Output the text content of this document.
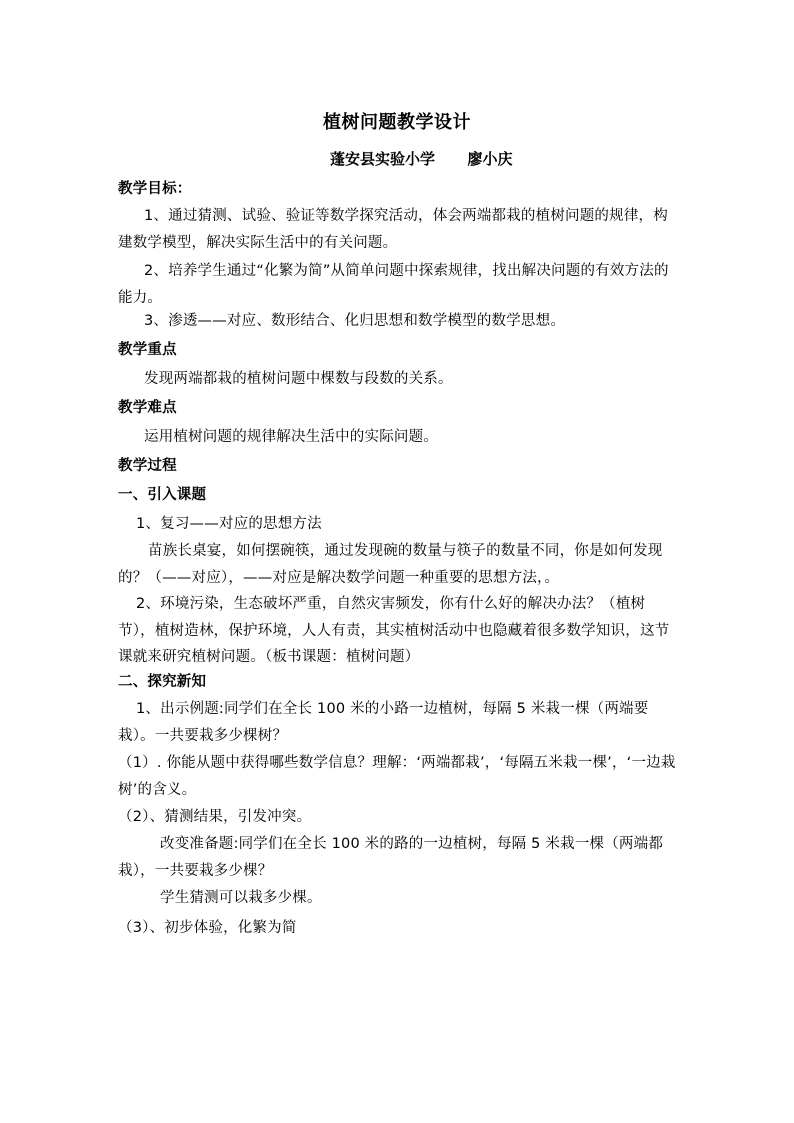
植树问题教学设计
蓬安县实验小学 廖小庆
教学目标：
1、通过猜测、试验、验证等数学探究活动，体会两端都栽的植树问题的规律，构建数学模型，解决实际生活中的有关问题。
2、培养学生通过“化繁为简”从简单问题中探索规律，找出解决问题的有效方法的能力。
3、渗透——对应、数形结合、化归思想和数学模型的数学思想。
教学重点
发现两端都栽的植树问题中棵数与段数的关系。
教学难点
运用植树问题的规律解决生活中的实际问题。
教学过程
一、引入课题
1、复习——对应的思想方法
苗族长桌宴，如何摆碗筷，通过发现碗的数量与筷子的数量不同，你是如何发现的？（——对应），——对应是解决数学问题一种重要的思想方法，。
2、环境污染，生态破坏严重，自然灾害频发，你有什么好的解决办法？（植树节），植树造林，保护环境，人人有责，其实植树活动中也隐藏着很多数学知识，这节课就来研究植树问题。（板书课题：植树问题）
二、探究新知
1、出示例题:同学们在全长 100 米的小路一边植树，每隔 5 米栽一棵（两端要栽）。一共要栽多少棵树？
（1）. 你能从题中获得哪些数学信息？理解：‘两端都栽’，‘每隔五米栽一棵’，‘一边栽树’的含义。
（2）、猜测结果，引发冲突。
改变准备题:同学们在全长 100 米的路的一边植树，每隔 5 米栽一棵（两端都栽），一共要栽多少棵？
学生猜测可以栽多少棵。
（3）、初步体验，化繁为简
